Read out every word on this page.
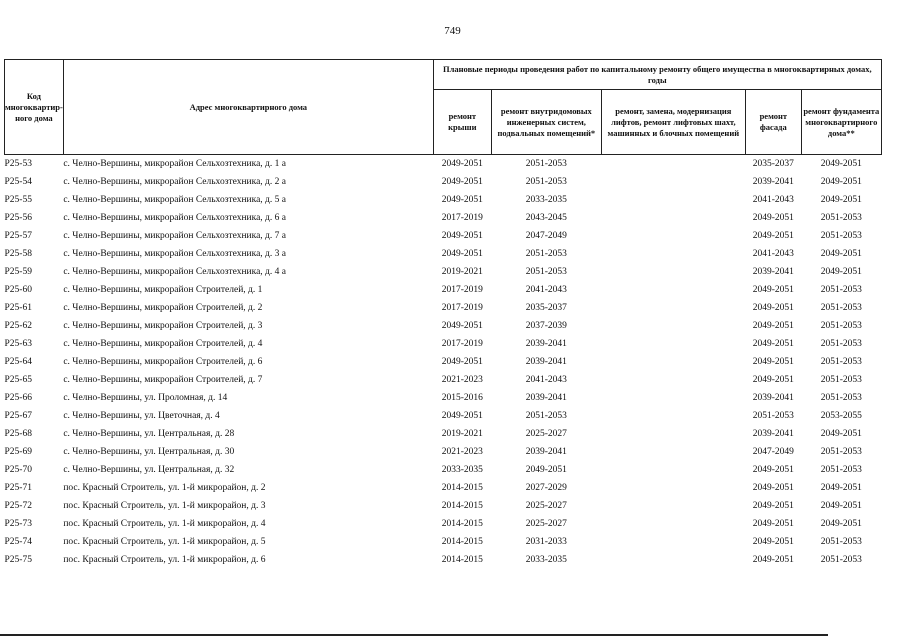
749
Код многоквартир-ного дома	Адрес многоквартирного дома	Плановые периоды проведения работ по капитальному ремонту общего имущества в многоквартирных домах, годы				
		ремонт крыши	ремонт внутридомовых инженерных систем, подвальных помещений*	ремонт, замена, модернизация лифтов, ремонт лифтовых шахт, машинных и блочных помещений	ремонт фасада	ремонт фундамента многоквартирного дома**
P25-53	с. Челно-Вершины, микрорайон Сельхозтехника, д. 1 а	2049-2051	2051-2053		2035-2037	2049-2051
P25-54	с. Челно-Вершины, микрорайон Сельхозтехника, д. 2 а	2049-2051	2051-2053		2039-2041	2049-2051
P25-55	с. Челно-Вершины, микрорайон Сельхозтехника, д. 5 а	2049-2051	2033-2035		2041-2043	2049-2051
P25-56	с. Челно-Вершины, микрорайон Сельхозтехника, д. 6 а	2017-2019	2043-2045		2049-2051	2051-2053
P25-57	с. Челно-Вершины, микрорайон Сельхозтехника, д. 7 а	2049-2051	2047-2049		2049-2051	2051-2053
P25-58	с. Челно-Вершины, микрорайон Сельхозтехника, д. 3 а	2049-2051	2051-2053		2041-2043	2049-2051
P25-59	с. Челно-Вершины, микрорайон Сельхозтехника, д. 4 а	2019-2021	2051-2053		2039-2041	2049-2051
P25-60	с. Челно-Вершины, микрорайон Строителей, д. 1	2017-2019	2041-2043		2049-2051	2051-2053
P25-61	с. Челно-Вершины, микрорайон Строителей, д. 2	2017-2019	2035-2037		2049-2051	2051-2053
P25-62	с. Челно-Вершины, микрорайон Строителей, д. 3	2049-2051	2037-2039		2049-2051	2051-2053
P25-63	с. Челно-Вершины, микрорайон Строителей, д. 4	2017-2019	2039-2041		2049-2051	2051-2053
P25-64	с. Челно-Вершины, микрорайон Строителей, д. 6	2049-2051	2039-2041		2049-2051	2051-2053
P25-65	с. Челно-Вершины, микрорайон Строителей, д. 7	2021-2023	2041-2043		2049-2051	2051-2053
P25-66	с. Челно-Вершины, ул. Проломная, д. 14	2015-2016	2039-2041		2039-2041	2051-2053
P25-67	с. Челно-Вершины, ул. Цветочная, д. 4	2049-2051	2051-2053		2051-2053	2053-2055
P25-68	с. Челно-Вершины, ул. Центральная, д. 28	2019-2021	2025-2027		2039-2041	2049-2051
P25-69	с. Челно-Вершины, ул. Центральная, д. 30	2021-2023	2039-2041		2047-2049	2051-2053
P25-70	с. Челно-Вершины, ул. Центральная, д. 32	2033-2035	2049-2051		2049-2051	2051-2053
P25-71	пос. Красный Строитель, ул. 1-й микрорайон, д. 2	2014-2015	2027-2029		2049-2051	2049-2051
P25-72	пос. Красный Строитель, ул. 1-й микрорайон, д. 3	2014-2015	2025-2027		2049-2051	2049-2051
P25-73	пос. Красный Строитель, ул. 1-й микрорайон, д. 4	2014-2015	2025-2027		2049-2051	2049-2051
P25-74	пос. Красный Строитель, ул. 1-й микрорайон, д. 5	2014-2015	2031-2033		2049-2051	2051-2053
P25-75	пос. Красный Строитель, ул. 1-й микрорайон, д. 6	2014-2015	2033-2035		2049-2051	2051-2053
